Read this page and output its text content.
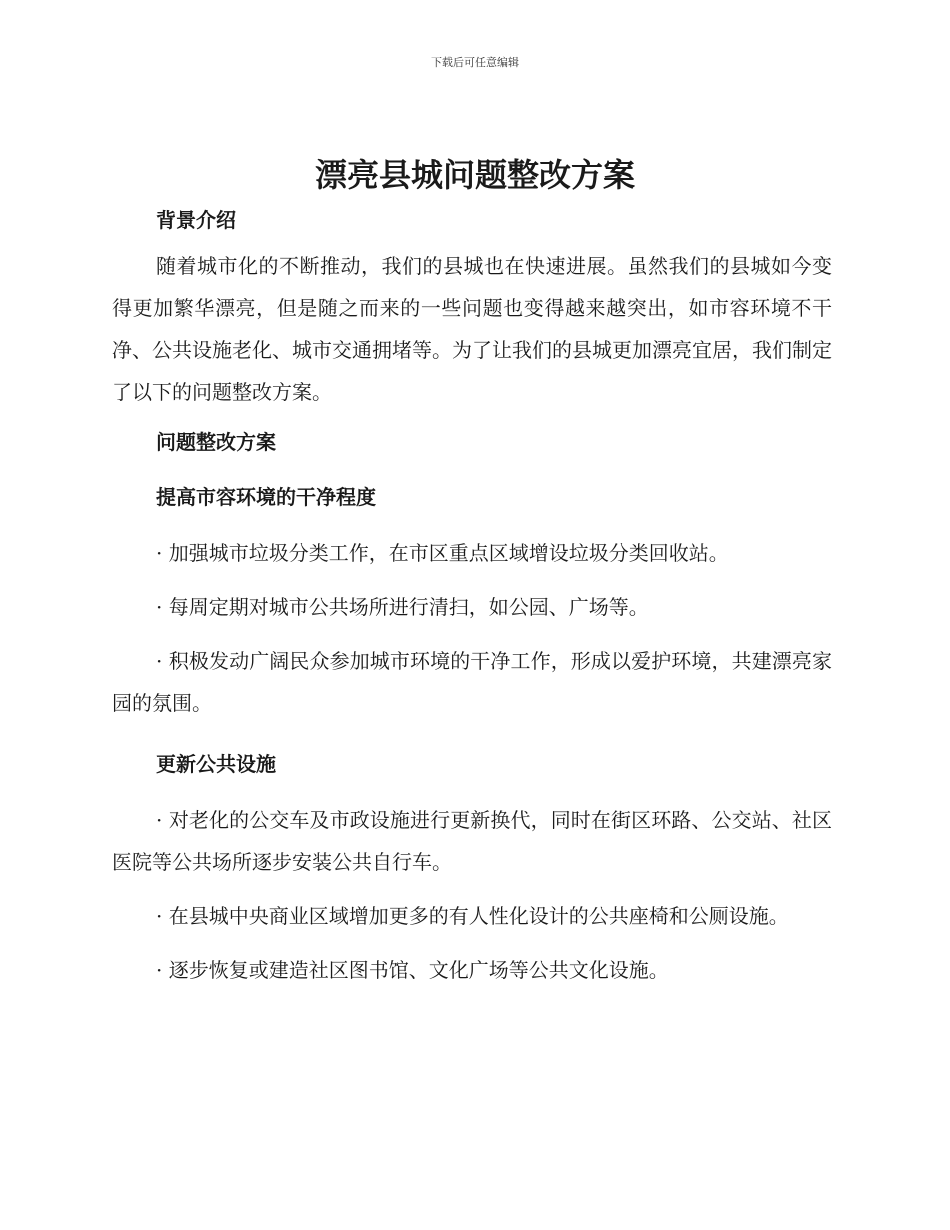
下载后可任意编辑
漂亮县城问题整改方案

背景介绍

随着城市化的不断推动，我们的县城也在快速进展。虽然我们的县城如今变得更加繁华漂亮，但是随之而来的一些问题也变得越来越突出，如市容环境不干净、公共设施老化、城市交通拥堵等。为了让我们的县城更加漂亮宜居，我们制定了以下的问题整改方案。

问题整改方案

提高市容环境的干净程度

· 加强城市垃圾分类工作，在市区重点区域增设垃圾分类回收站。

· 每周定期对城市公共场所进行清扫，如公园、广场等。

· 积极发动广阔民众参加城市环境的干净工作，形成以爱护环境，共建漂亮家园的氛围。

更新公共设施

· 对老化的公交车及市政设施进行更新换代，同时在街区环路、公交站、社区医院等公共场所逐步安装公共自行车。

· 在县城中央商业区域增加更多的有人性化设计的公共座椅和公厕设施。

· 逐步恢复或建造社区图书馆、文化广场等公共文化设施。
